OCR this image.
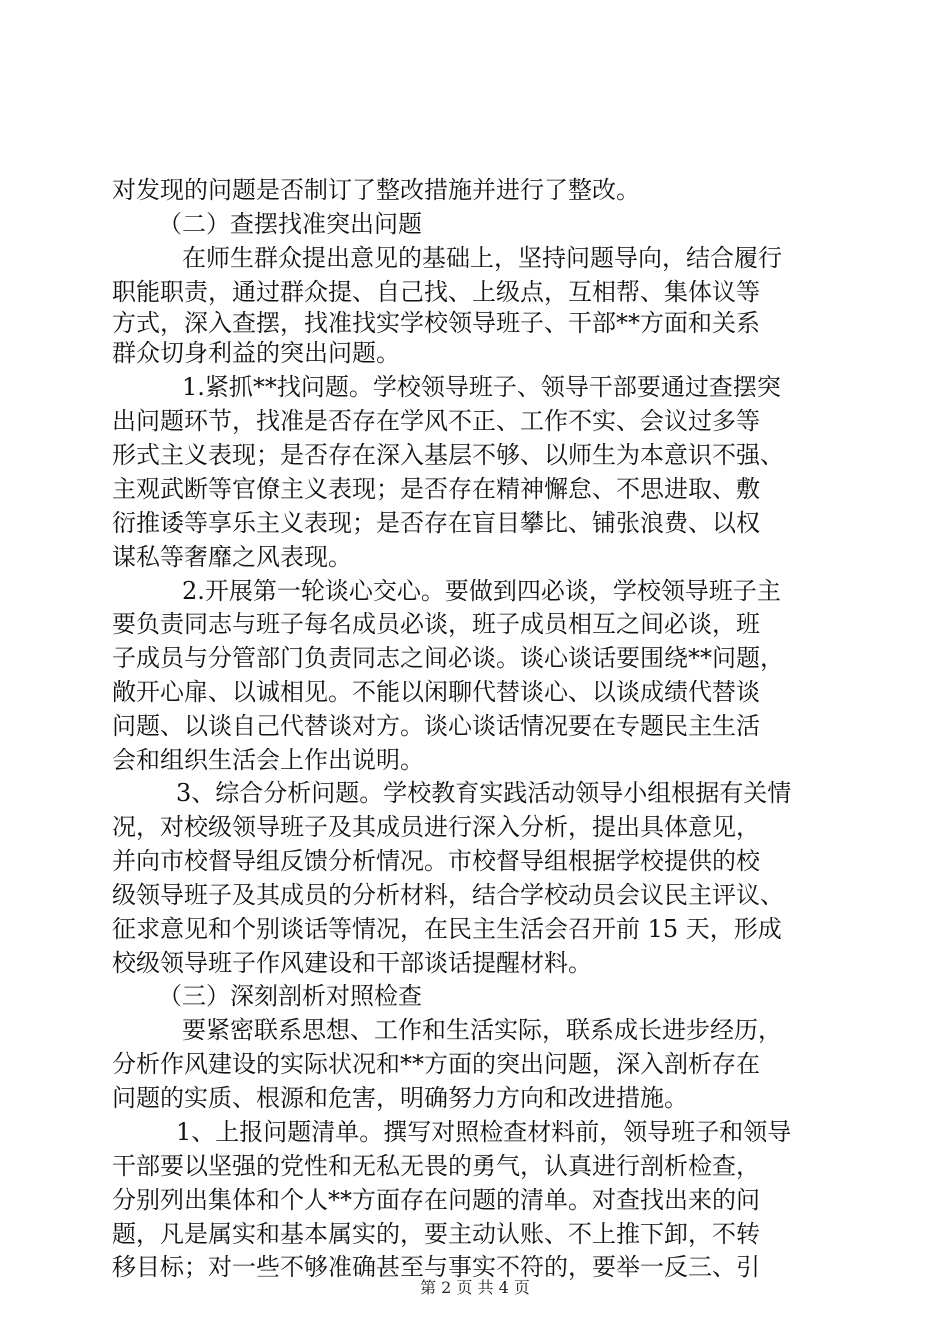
对发现的问题是否制订了整改措施并进行了整改。
（二）查摆找准突出问题
在师生群众提出意见的基础上，坚持问题导向，结合履行
职能职责，通过群众提、自己找、上级点，互相帮、集体议等
方式，深入查摆，找准找实学校领导班子、干部**方面和关系
群众切身利益的突出问题。
1.紧抓**找问题。学校领导班子、领导干部要通过查摆突
出问题环节，找准是否存在学风不正、工作不实、会议过多等
形式主义表现；是否存在深入基层不够、以师生为本意识不强、
主观武断等官僚主义表现；是否存在精神懈怠、不思进取、敷
衍推诿等享乐主义表现；是否存在盲目攀比、铺张浪费、以权
谋私等奢靡之风表现。
2.开展第一轮谈心交心。要做到四必谈，学校领导班子主
要负责同志与班子每名成员必谈，班子成员相互之间必谈，班
子成员与分管部门负责同志之间必谈。谈心谈话要围绕**问题，
敞开心扉、以诚相见。不能以闲聊代替谈心、以谈成绩代替谈
问题、以谈自己代替谈对方。谈心谈话情况要在专题民主生活
会和组织生活会上作出说明。
3、综合分析问题。学校教育实践活动领导小组根据有关情
况，对校级领导班子及其成员进行深入分析，提出具体意见，
并向市校督导组反馈分析情况。市校督导组根据学校提供的校
级领导班子及其成员的分析材料，结合学校动员会议民主评议、
征求意见和个别谈话等情况，在民主生活会召开前 15 天，形成
校级领导班子作风建设和干部谈话提醒材料。
（三）深刻剖析对照检查
要紧密联系思想、工作和生活实际，联系成长进步经历，
分析作风建设的实际状况和**方面的突出问题，深入剖析存在
问题的实质、根源和危害，明确努力方向和改进措施。
1、上报问题清单。撰写对照检查材料前，领导班子和领导
干部要以坚强的党性和无私无畏的勇气，认真进行剖析检查，
分别列出集体和个人**方面存在问题的清单。对查找出来的问
题，凡是属实和基本属实的，要主动认账、不上推下卸，不转
移目标；对一些不够准确甚至与事实不符的，要举一反三、引
第 2 页 共 4 页
